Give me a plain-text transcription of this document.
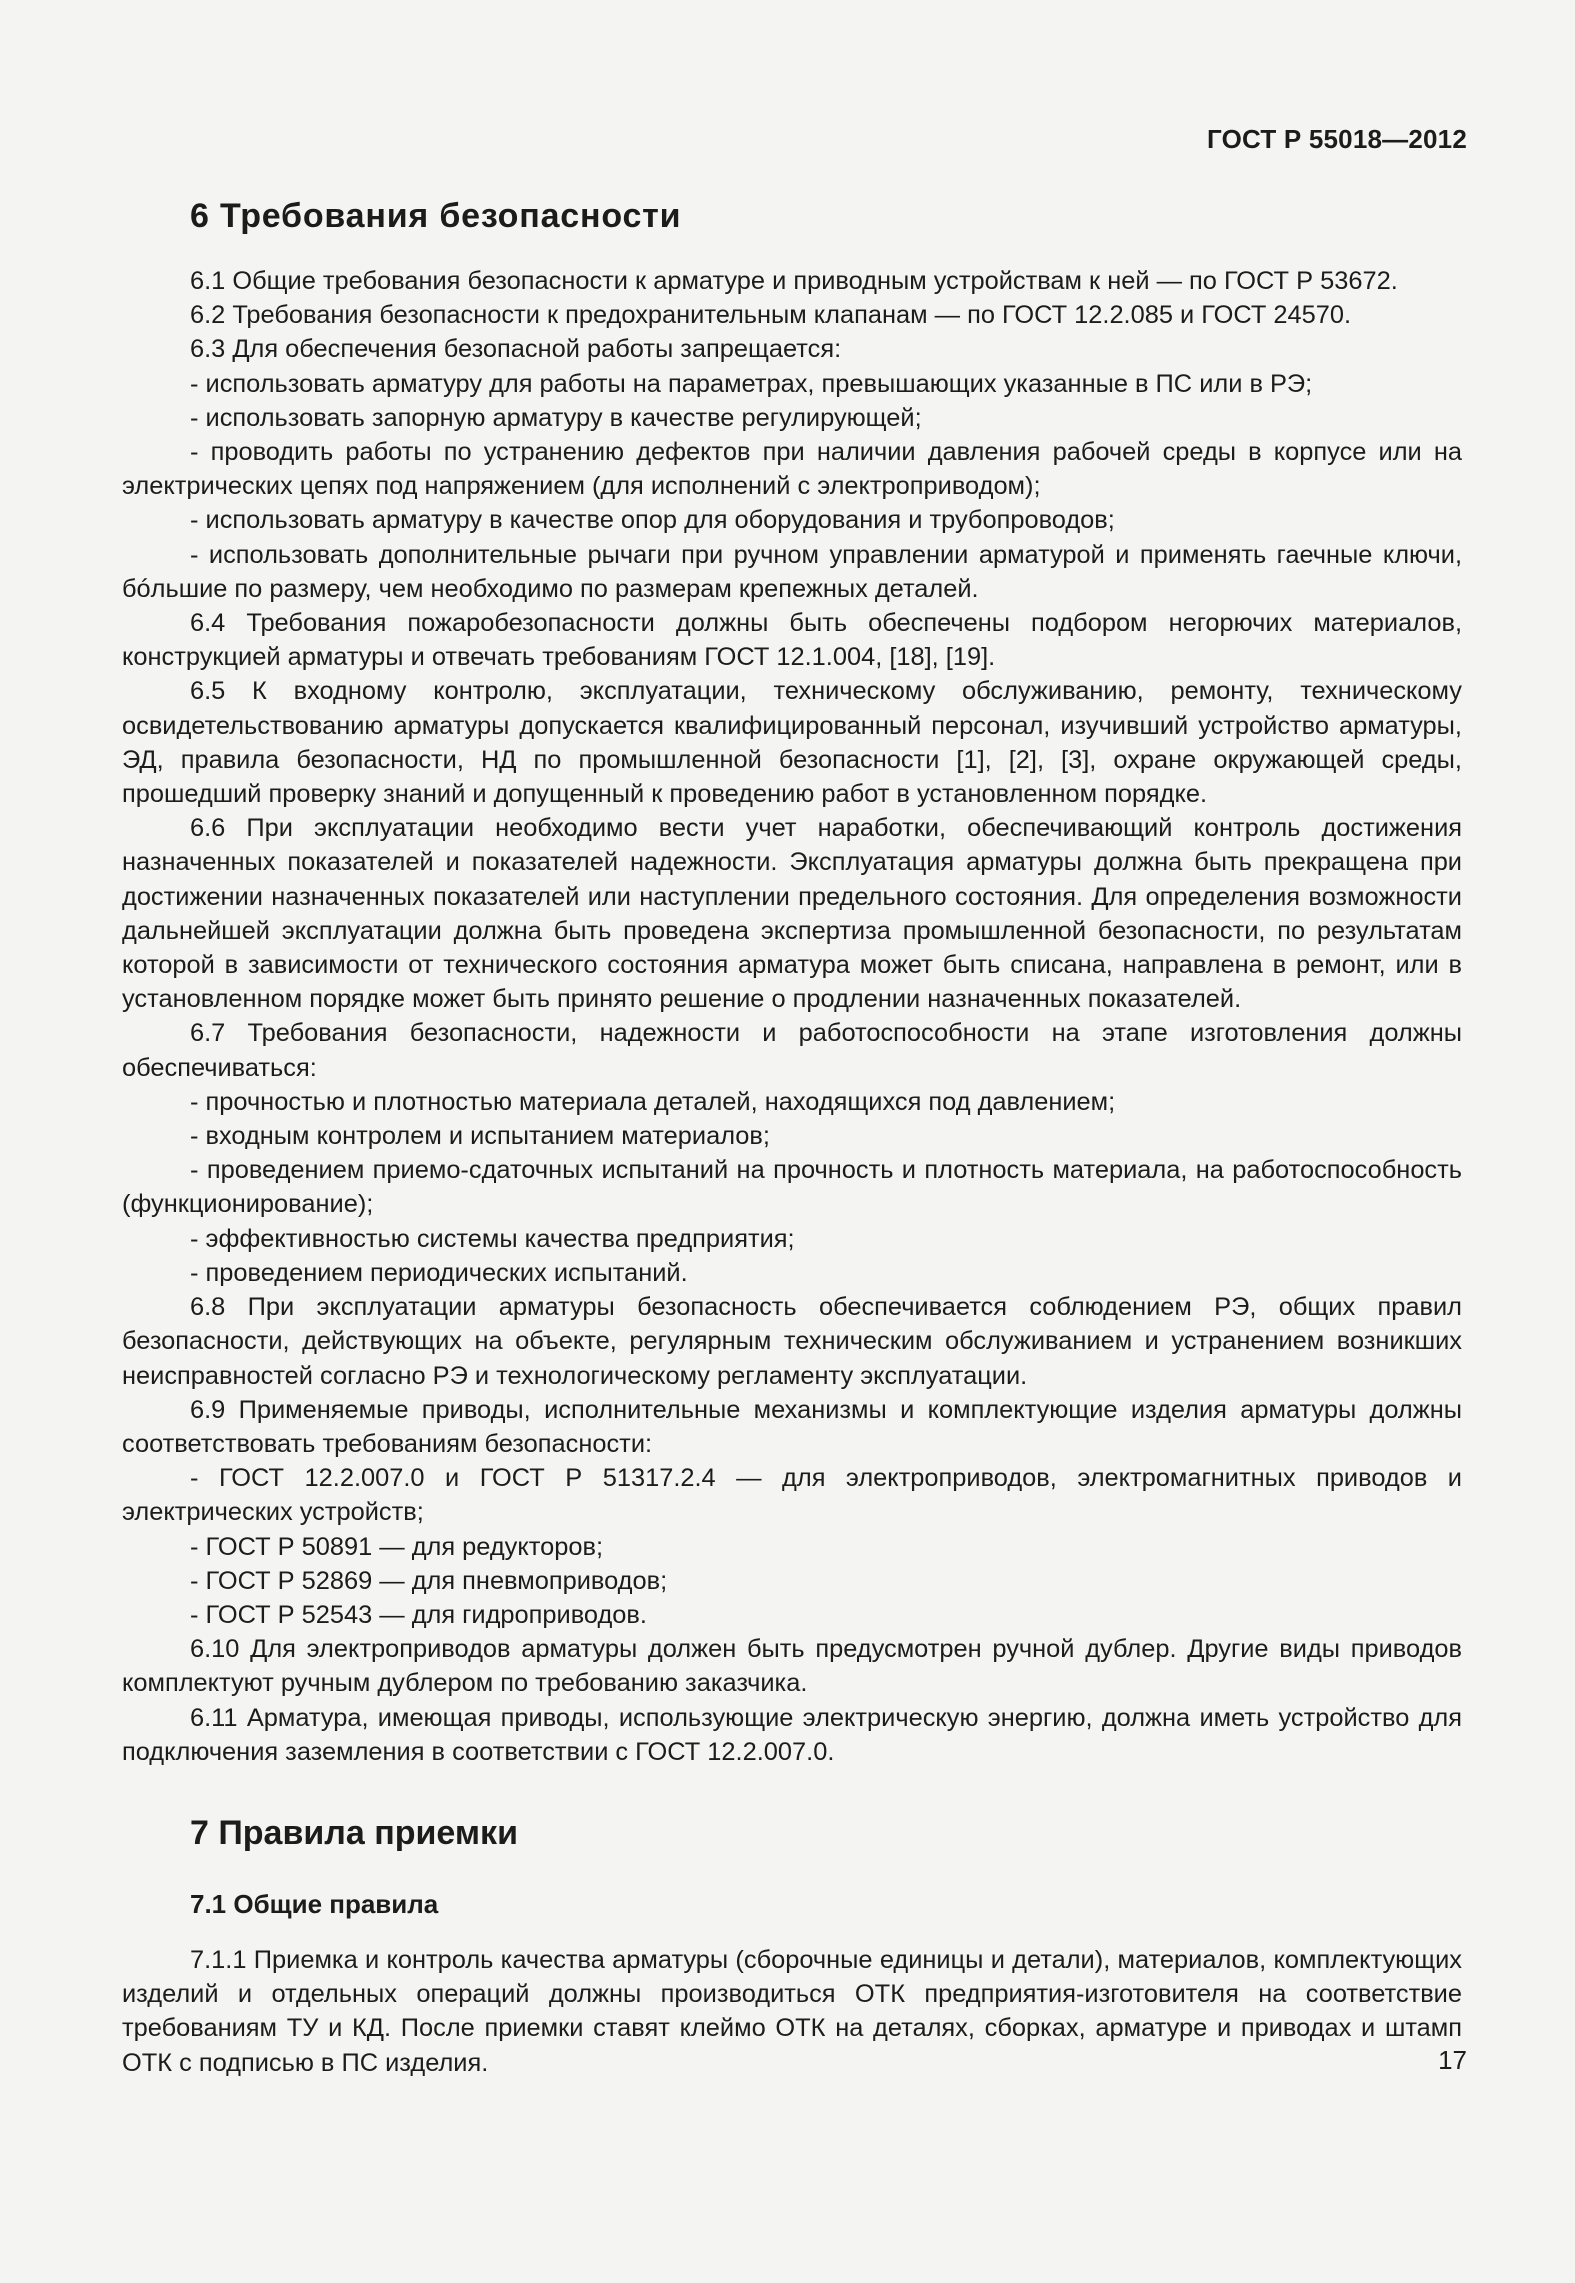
ГОСТ Р 55018—2012

6 Требования безопасности

6.1 Общие требования безопасности к арматуре и приводным устройствам к ней — по ГОСТ Р 53672.

6.2 Требования безопасности к предохранительным клапанам — по ГОСТ 12.2.085 и ГОСТ 24570.

6.3 Для обеспечения безопасной работы запрещается:

- использовать арматуру для работы на параметрах, превышающих указанные в ПС или в РЭ;

- использовать запорную арматуру в качестве регулирующей;

- проводить работы по устранению дефектов при наличии давления рабочей среды в корпусе или на электрических цепях под напряжением (для исполнений с электроприводом);

- использовать арматуру в качестве опор для оборудования и трубопроводов;

- использовать дополнительные рычаги при ручном управлении арматурой и применять гаечные ключи, бóльшие по размеру, чем необходимо по размерам крепежных деталей.

6.4 Требования пожаробезопасности должны быть обеспечены подбором негорючих материалов, конструкцией арматуры и отвечать требованиям ГОСТ 12.1.004, [18], [19].

6.5 К входному контролю, эксплуатации, техническому обслуживанию, ремонту, техническому освидетельствованию арматуры допускается квалифицированный персонал, изучивший устройство арматуры, ЭД, правила безопасности, НД по промышленной безопасности [1], [2], [3], охране окружающей среды, прошедший проверку знаний и допущенный к проведению работ в установленном порядке.

6.6 При эксплуатации необходимо вести учет наработки, обеспечивающий контроль достижения назначенных показателей и показателей надежности. Эксплуатация арматуры должна быть прекращена при достижении назначенных показателей или наступлении предельного состояния. Для определения возможности дальнейшей эксплуатации должна быть проведена экспертиза промышленной безопасности, по результатам которой в зависимости от технического состояния арматура может быть списана, направлена в ремонт, или в установленном порядке может быть принято решение о продлении назначенных показателей.

6.7 Требования безопасности, надежности и работоспособности на этапе изготовления должны обеспечиваться:

- прочностью и плотностью материала деталей, находящихся под давлением;

- входным контролем и испытанием материалов;

- проведением приемо-сдаточных испытаний на прочность и плотность материала, на работоспособность (функционирование);

- эффективностью системы качества предприятия;

- проведением периодических испытаний.

6.8 При эксплуатации арматуры безопасность обеспечивается соблюдением РЭ, общих правил безопасности, действующих на объекте, регулярным техническим обслуживанием и устранением возникших неисправностей согласно РЭ и технологическому регламенту эксплуатации.

6.9 Применяемые приводы, исполнительные механизмы и комплектующие изделия арматуры должны соответствовать требованиям безопасности:

- ГОСТ 12.2.007.0 и ГОСТ Р 51317.2.4 — для электроприводов, электромагнитных приводов и электрических устройств;

- ГОСТ Р 50891 — для редукторов;

- ГОСТ Р 52869 — для пневмоприводов;

- ГОСТ Р 52543 — для гидроприводов.

6.10 Для электроприводов арматуры должен быть предусмотрен ручной дублер. Другие виды приводов комплектуют ручным дублером по требованию заказчика.

6.11 Арматура, имеющая приводы, использующие электрическую энергию, должна иметь устройство для подключения заземления в соответствии с ГОСТ 12.2.007.0.

7 Правила приемки

7.1 Общие правила

7.1.1 Приемка и контроль качества арматуры (сборочные единицы и детали), материалов, комплектующих изделий и отдельных операций должны производиться ОТК предприятия-изготовителя на соответствие требованиям ТУ и КД. После приемки ставят клеймо ОТК на деталях, сборках, арматуре и приводах и штамп ОТК с подписью в ПС изделия.	17
